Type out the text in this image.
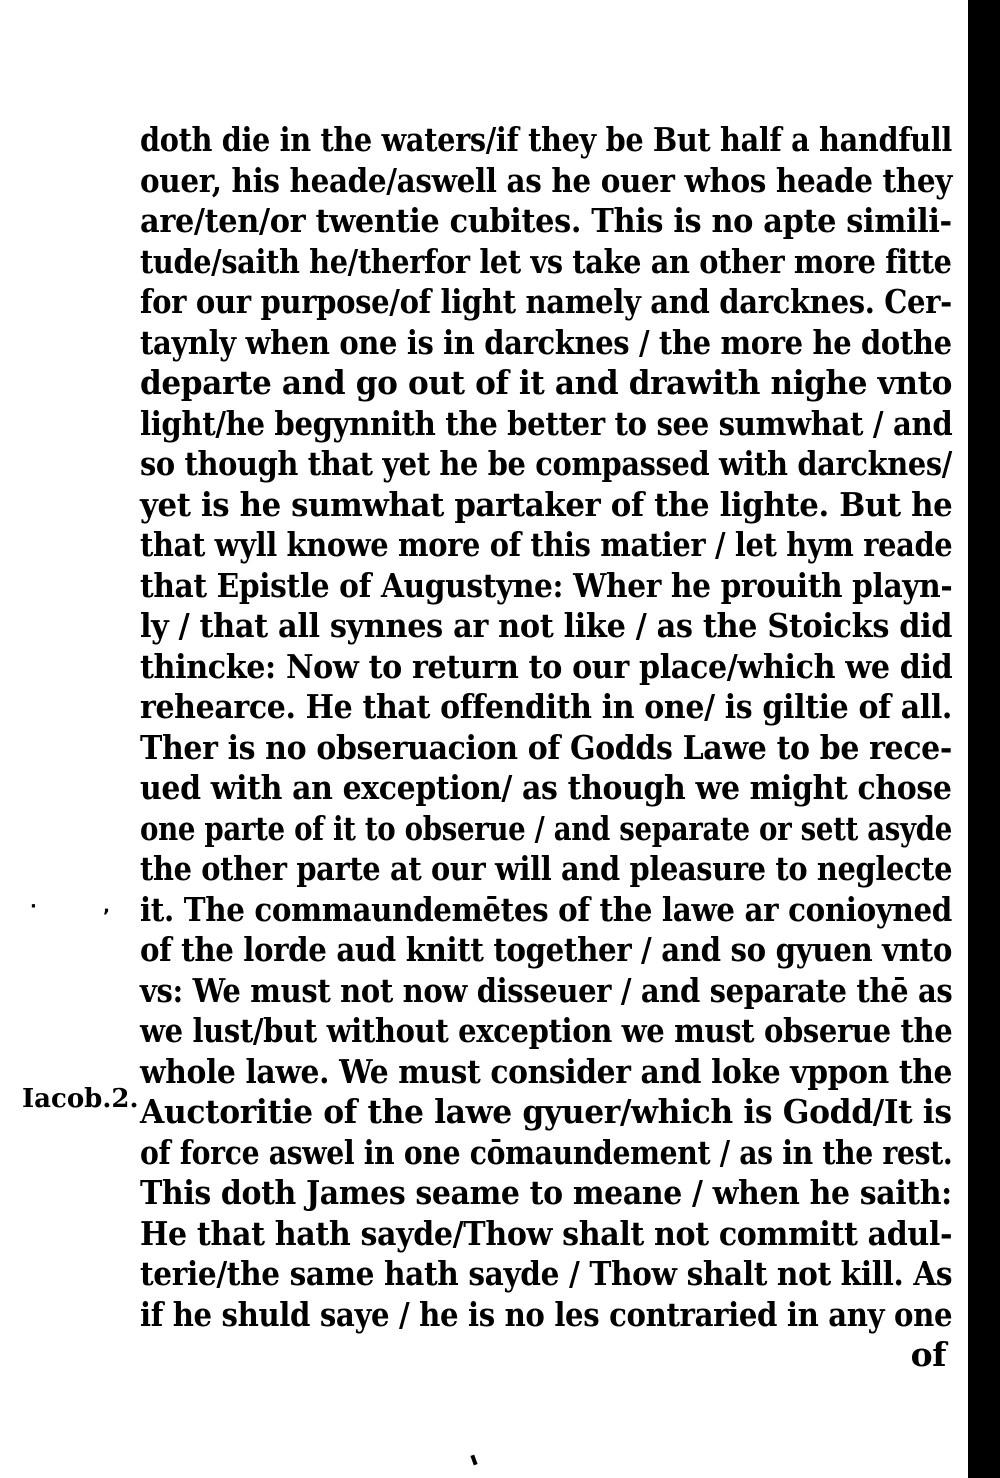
· ,
Iacob.2.
doth die in the waters/if they be But half a handfull
ouer, his heade/aswell as he ouer whos heade they
are/ten/or twentie cubites. This is no apte simili-
tude/saith he/therfor let vs take an other more fitte
for our purpose/of light namely and darcknes. Cer-
taynly when one is in darcknes / the more he dothe
departe and go out of it and drawith nighe vnto
light/he begynnith the better to see sumwhat / and
so though that yet he be compassed with darcknes/
yet is he sumwhat partaker of the lighte. But he
that wyll knowe more of this matier / let hym reade
that Epistle of Augustyne: Wher he prouith playn-
ly / that all synnes ar not like / as the Stoicks did
thincke: Now to return to our place/which we did
rehearce. He that offendith in one/ is giltie of all.
Ther is no obseruacion of Godds Lawe to be rece-
ued with an exception/ as though we might chose
one parte of it to obserue / and separate or sett asyde
the other parte at our will and pleasure to neglecte
it. The commaundemētes of the lawe ar conioyned
of the lorde aud knitt together / and so gyuen vnto
vs: We must not now disseuer / and separate thē as
we lust/but without exception we must obserue the
whole lawe. We must consider and loke vppon the
Auctoritie of the lawe gyuer/which is Godd/It is
of force aswel in one cōmaundement / as in the rest.
This doth James seame to meane / when he saith:
He that hath sayde/Thow shalt not committ adul-
terie/the same hath sayde / Thow shalt not kill. As
if he shuld saye / he is no les contraried in any one
of
